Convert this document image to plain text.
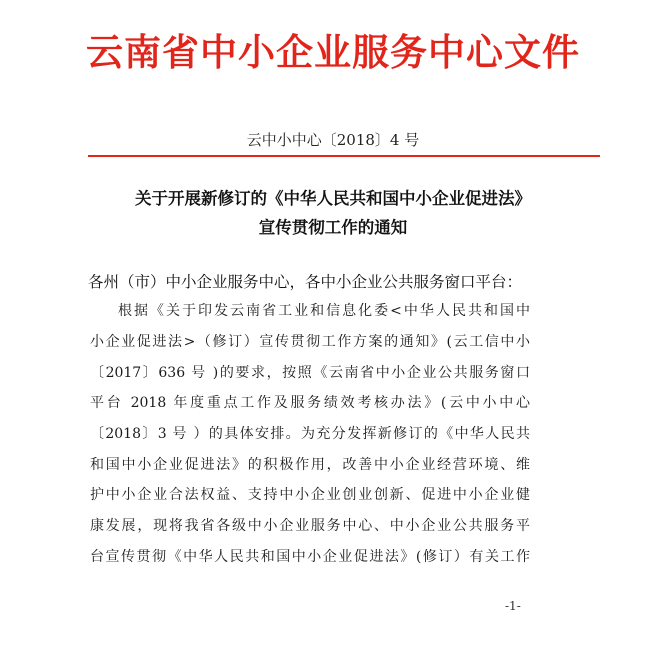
云南省中小企业服务中心文件
云中小中心〔2018〕4 号
关于开展新修订的《中华人民共和国中小企业促进法》
宣传贯彻工作的通知
各州（市）中小企业服务中心，各中小企业公共服务窗口平台：
根据《关于印发云南省工业和信息化委<中华人民共和国中
小企业促进法>（修订）宣传贯彻工作方案的通知》(云工信中小
〔2017〕636 号 )的要求，按照《云南省中小企业公共服务窗口
平台 2018 年度重点工作及服务绩效考核办法》(云中小中心
〔2018〕3 号 ）的具体安排。为充分发挥新修订的《中华人民共
和国中小企业促进法》的积极作用，改善中小企业经营环境、维
护中小企业合法权益、支持中小企业创业创新、促进中小企业健
康发展，现将我省各级中小企业服务中心、中小企业公共服务平
台宣传贯彻《中华人民共和国中小企业促进法》(修订）有关工作
-1-
